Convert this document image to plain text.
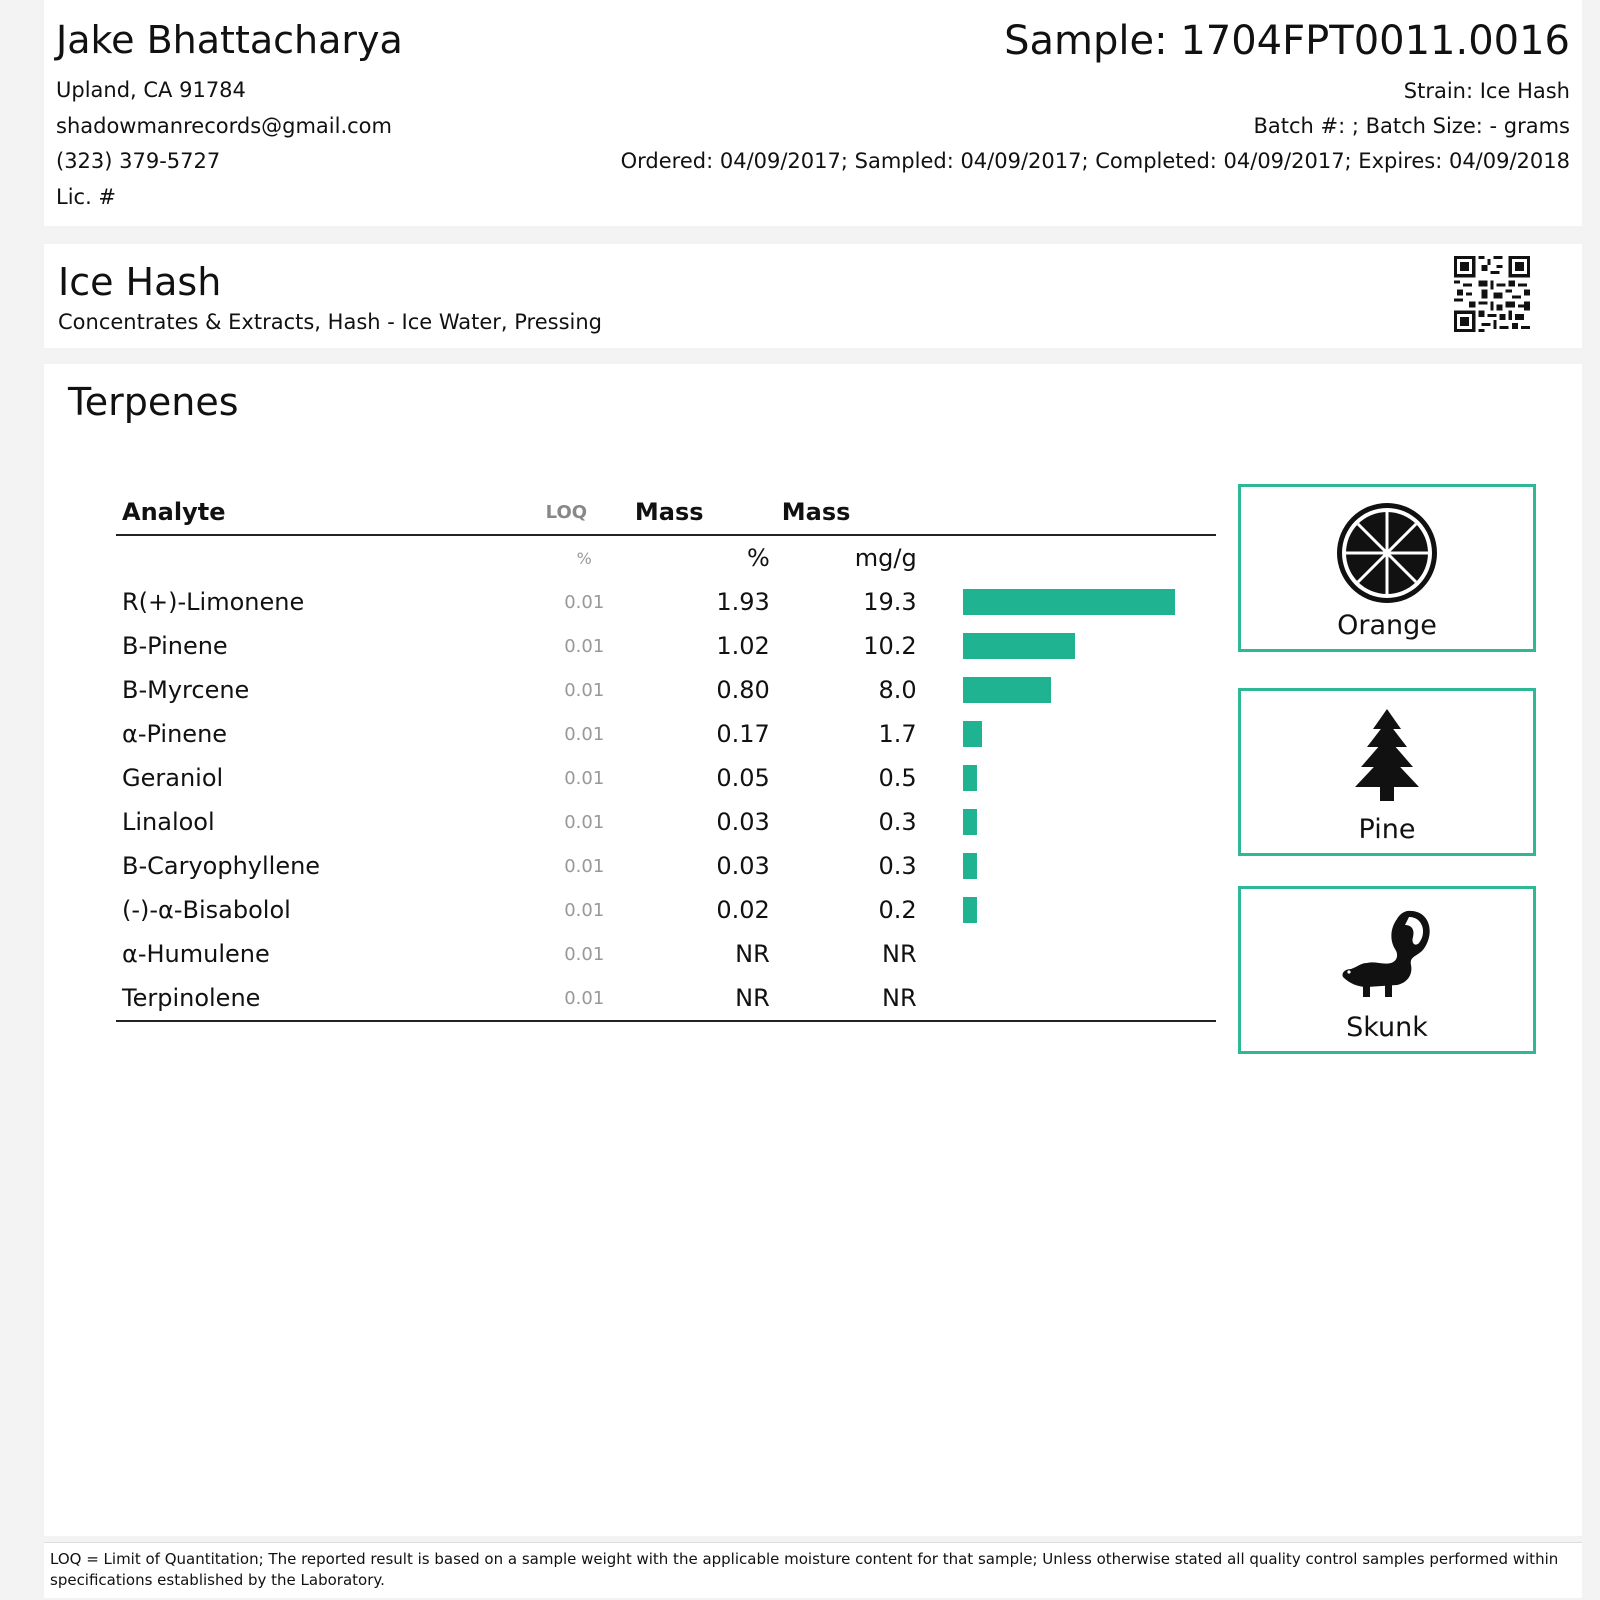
Jake Bhattacharya
Upland, CA 91784
shadowmanrecords@gmail.com
(323) 379-5727
Lic. #
Sample: 1704FPT0011.0016
Strain: Ice Hash
Batch #: ; Batch Size: - grams
Ordered: 04/09/2017; Sampled: 04/09/2017; Completed: 04/09/2017; Expires: 04/09/2018
Ice Hash
Concentrates & Extracts, Hash - Ice Water, Pressing
Terpenes
Analyte	LOQ	Mass	Mass	
	%	%	mg/g	
R(+)-Limonene	0.01	1.93	19.3	

Β-Pinene	0.01	1.02	10.2	

Β-Myrcene	0.01	0.80	8.0	

α-Pinene	0.01	0.17	1.7	

Geraniol	0.01	0.05	0.5	

Linalool	0.01	0.03	0.3	

Β-Caryophyllene	0.01	0.03	0.3	

(-)-α-Bisabolol	0.01	0.02	0.2	

α-Humulene	0.01	NR	NR	
Terpinolene	0.01	NR	NR	
Orange
Pine
Skunk
LOQ = Limit of Quantitation; The reported result is based on a sample weight with the applicable moisture content for that sample; Unless otherwise stated all quality control samples performed within specifications established by the Laboratory.
